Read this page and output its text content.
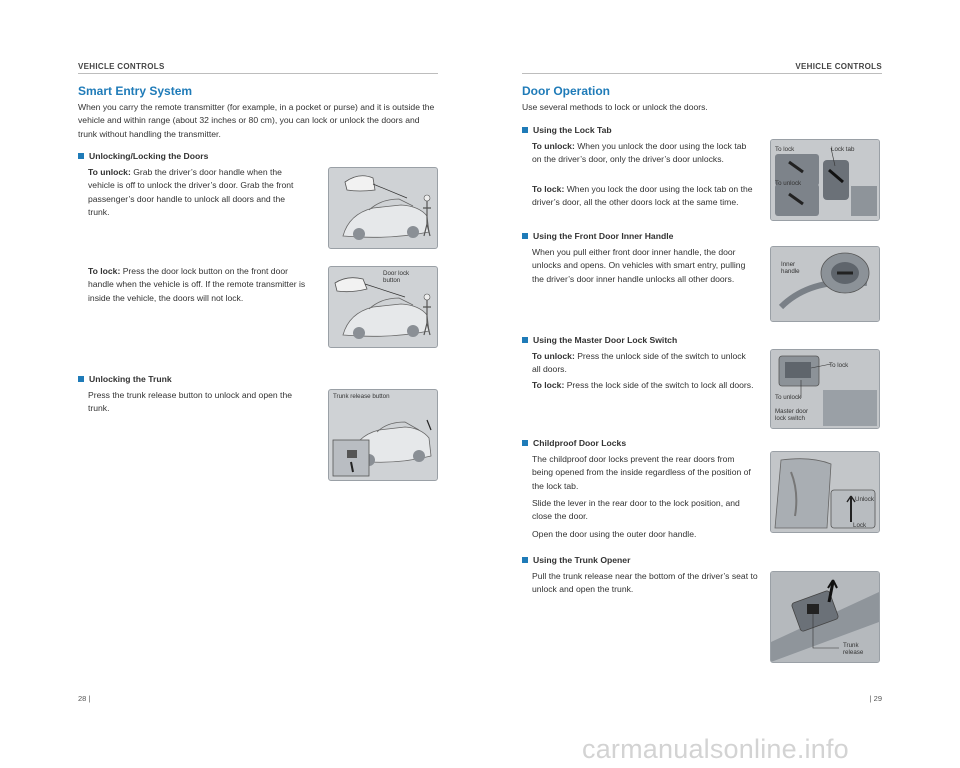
VEHICLE CONTROLS
Smart Entry System

When you carry the remote transmitter (for example, in a pocket or purse) and it is outside the vehicle and within range (about 32 inches or 80 cm), you can lock or unlock the doors and trunk without handling the transmitter.

Unlocking/Locking the Doors

To unlock: Grab the driver’s door handle when the vehicle is off to unlock the driver’s door. Grab the front passenger’s door handle to unlock all doors and the trunk.

To lock: Press the door lock button on the front door handle when the vehicle is off. If the remote transmitter is inside the vehicle, the doors will not lock.

Door lock
button
Unlocking the Trunk

Press the trunk release button to unlock and open the trunk.

Trunk release button
28 |
VEHICLE CONTROLS
Door Operation

Use several methods to lock or unlock the doors.

Using the Lock Tab

To unlock: When you unlock the door using the lock tab on the driver’s door, only the driver’s door unlocks.

To lock: When you lock the door using the lock tab on the driver’s door, all the other doors lock at the same time.

To lock	Lock tab
To unlock
Using the Front Door Inner Handle

When you pull either front door inner handle, the door unlocks and opens. On vehicles with smart entry, pulling the driver’s door inner handle unlocks all other doors.

Inner
handle
Using the Master Door Lock Switch

To unlock: Press the unlock side of the switch to unlock all doors.

To lock: Press the lock side of the switch to lock all doors.

To lock
To unlock
Master door
lock switch
Childproof Door Locks

The childproof door locks prevent the rear doors from being opened from the inside regardless of the position of the lock tab.

Slide the lever in the rear door to the lock position, and close the door.

Open the door using the outer door handle.

Unlock
Lock
Using the Trunk Opener

Pull the trunk release near the bottom of the driver’s seat to unlock and open the trunk.

Trunk
release
| 29
carmanualsonline.info
